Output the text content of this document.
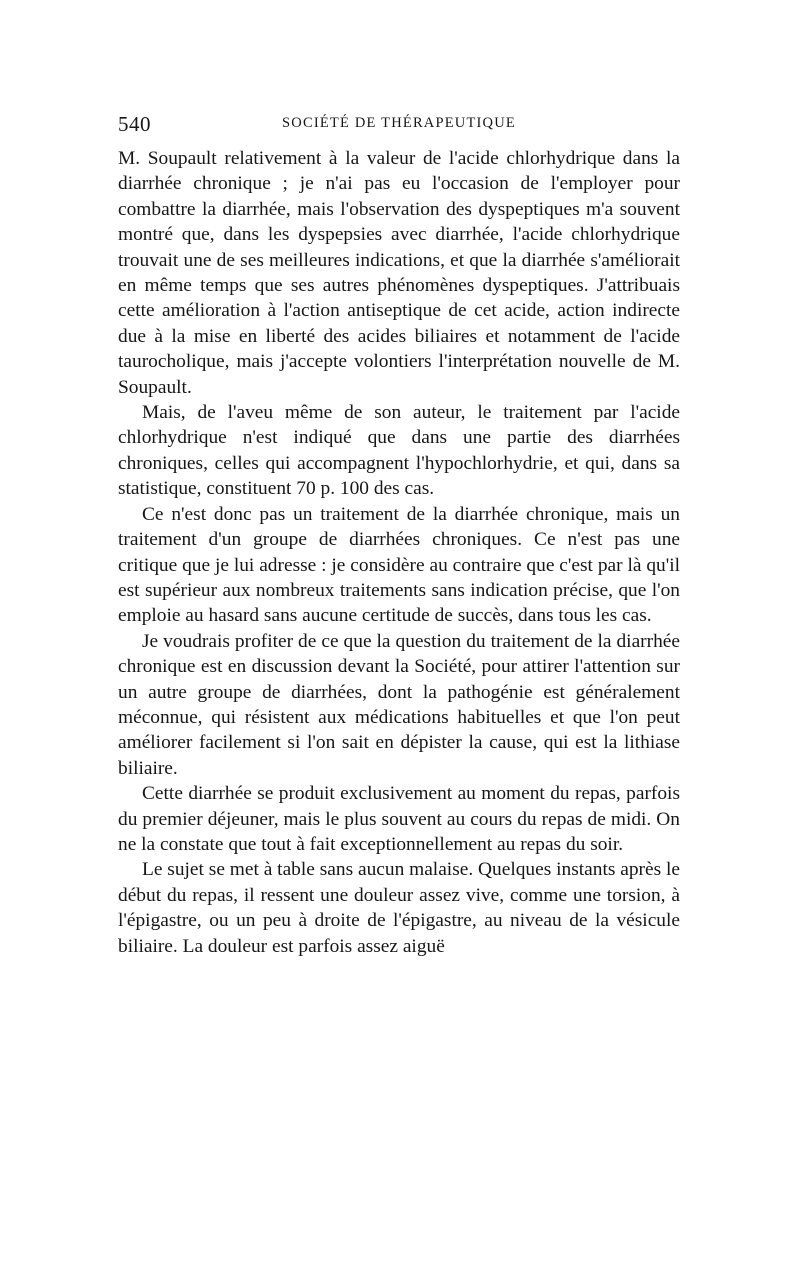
540	SOCIÉTÉ DE THÉRAPEUTIQUE

M. Soupault relativement à la valeur de l'acide chlorhydrique dans la diarrhée chronique ; je n'ai pas eu l'occasion de l'employer pour combattre la diarrhée, mais l'observation des dyspeptiques m'a souvent montré que, dans les dyspepsies avec diarrhée, l'acide chlorhydrique trouvait une de ses meilleures indications, et que la diarrhée s'améliorait en même temps que ses autres phénomènes dyspeptiques. J'attribuais cette amélioration à l'action antiseptique de cet acide, action indirecte due à la mise en liberté des acides biliaires et notamment de l'acide taurocholique, mais j'accepte volontiers l'interprétation nouvelle de M. Soupault.

Mais, de l'aveu même de son auteur, le traitement par l'acide chlorhydrique n'est indiqué que dans une partie des diarrhées chroniques, celles qui accompagnent l'hypochlorhydrie, et qui, dans sa statistique, constituent 70 p. 100 des cas.

Ce n'est donc pas un traitement de la diarrhée chronique, mais un traitement d'un groupe de diarrhées chroniques. Ce n'est pas une critique que je lui adresse : je considère au contraire que c'est par là qu'il est supérieur aux nombreux traitements sans indication précise, que l'on emploie au hasard sans aucune certitude de succès, dans tous les cas.

Je voudrais profiter de ce que la question du traitement de la diarrhée chronique est en discussion devant la Société, pour attirer l'attention sur un autre groupe de diarrhées, dont la pathogénie est généralement méconnue, qui résistent aux médications habituelles et que l'on peut améliorer facilement si l'on sait en dépister la cause, qui est la lithiase biliaire.

Cette diarrhée se produit exclusivement au moment du repas, parfois du premier déjeuner, mais le plus souvent au cours du repas de midi. On ne la constate que tout à fait exceptionnellement au repas du soir.

Le sujet se met à table sans aucun malaise. Quelques instants après le début du repas, il ressent une douleur assez vive, comme une torsion, à l'épigastre, ou un peu à droite de l'épigastre, au niveau de la vésicule biliaire. La douleur est parfois assez aiguë
